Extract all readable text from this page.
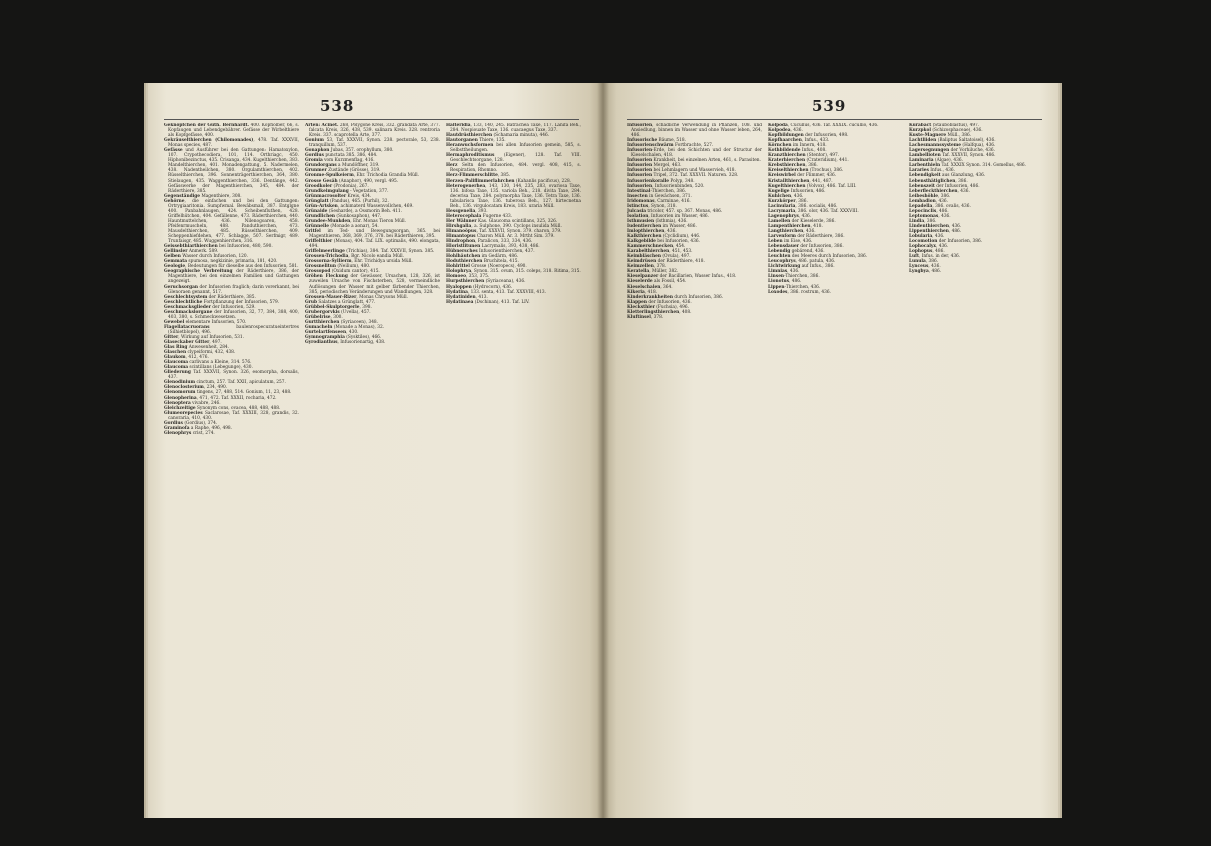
538

Geknöpfchen der Güth. Bernhardt. 400. Kopfiölber, 66, s. Kopfaugen und Lebendgebährer. Gefässe der Wirbelthiere als Kopfgefässe, 400.

Gekräuselthierchen (Chilomonades), 478. Taf. XXXVII, Monas species, 487.

Gefässe und Ausführer bei den Gattungen: Hamatoxylon, 107. Crypothecodiera, 101, 114. Orthriagc, 450. Hiphonibezinctus, 435. Crisanga, 434. Kugelthierchen, 383. Mandelthierchen, 401. Monadengattung, 5. Nadermelen, 438. Nadentheilchen, 380. Orgulamthierchen, 402. Rüsselthierchen, 396. Sonnenträgerthierchen, 364, 380. Stielaugen, 435. Waggenthierchen, 336. Dentänge, 442. Gefässwerke der Magenthierchen, 345, 484. der Räderthiere, 385.

Gegenständige Magenthiere, 308.

Gehörne, die einfachen und bei den Gattungen: Ortrygiaaritonia. Sumpfwmal. Bewäbsmall, 387. Entglgne 400. Panbahnlaugen, 424. Scheibenfluthen, 428. Griffelhütchen, 404. Gefällenne, 473. Räderthierchen, 440. Hauntmuttelchen, 436. Nilenogoaren, 458. Pfeifenrmuscheln, 488. Panduthierchen, 473. Mausdelthierchen, 485. Rüsselthierchen, 409. Scheppenhiefdehen, 477. Schlagge, 507. Serfmigr, 489. Trunfaisgr, 485. Wuggenhierchen, 316.

Geissebthiarthierchen bei Infusorien, 480, 590.

Gellinsler Anmerk. 589.

Gelben Wasser durch Infusorien, 120.

Gemmata spumosa, negkizinie, primaria, 181, 420.

Geologie, Bedeutungen für dieselbe aus den Infusorien, 581.

Geographische Verbreitung der Räderthiere, 386, der Magenthiere, bei den einzelnen Familien und Gattungen angezeigt.

Geruchsorgan der Infusorien fraglich; darin vorerkannt, bei Glenoraen genannt, 517.

Geschlechtsystem der Räderthiere, 385.

Geschlechtliche Fortpflanzung der Infusorien, 579.

Geschmacksglieder der Infusorien, 529.

Geschmackslorgane der Infusorien, 32, 77, 384, 388, 400, 403, 380, s. Schmeckwesetzen.

Gewebel elementare Infusorien, 570.

Flagellatacruorans baulenrospecuratueintertres (Silhietblopel), 496.

Gitter, Wirkung auf Infusorien, 531.

Glaseckaber Gitter, 497.

Glas Ring Anwesenheit, 284.

Glaschen clypeiformi, 432, 438.

Glaukom, 412, 476.

Glaucoma carlivans a Kleine, 314. 576.

Glaucoma scintillans (Lebegunge), 430.

Gliederung Taf. XXXVII, Synon. 326, esomorpha, dorsalis, 437.

Glenodinium cinctum, 257. Taf. XXII, apiculatum, 257.

Glenoclosterium, 234, 490.

Glenomorum tingens, 27, 488, 514. Gonium, 11, 23, 488.

Glenopherina, 471, 472. Taf. XXXII, rocharia, 472.

Glenoptera vivabre, 246.

Gleichzeitige Synonym cons, ovacea, 488, 488, 488.

Glumeorepecies Saclarosae, Taf. XXXIII, 328, grandis, 32. canoraria, 410, 430.

Gordius (Gordius), 374.

Graminofa a Raphe, 496, 498.

Glenophrys crist, 274.

Arten: Acinet. 268, Polygone Kreis, 332. grandata Arte, 377. falcata Kreis, 326, 438, 539. salinara Kreis. 328. rentroria Kreis. 337. scaprotella Arte, 377.

Gonium 53, Taf. XXXVII, Synon. 238. pectorale, 53, 238. tranquillum, 537.

Gonapkon Jubas, 357. orophyllum, 380.

Gordius punctata 385. 386, 484.

Gromia vom Kurzmenflag, 416.

Grundorgans a Mundöffner, 319.

Grunmer Zustände (Grösse), 319.

Gronme-Spulkeierm, Ehr. Trichodia Grandia Müll.

Grosse Gesäh (Anaphor), 490, vergl. 495.

Groodkoler (Prodonia), 267.

Grundkeimgulang - Vegetation, 377.

Grünmacrosolter Kreis, 434.

Grünglatt (Pandus), 465. (Purhil), 32.

Grün-Artsken, achimaterd Wassenvollchen, 469.

Grünaide (Sesharde), a Ossmorin Beh. 411.

Grundlichen (Sunkosaphon), 447.

Grundee-Munkden, Ehr. Monas Tieron Müll.

Grünnelle (Monade a aonar), 54.

Gritfel im Ted- und Bewegungsorgan, 365. bei Magenthieren, 368, 369, 376, 378. bei Räderthieren, 395.

Griffelthier (Monas), 404. Taf. LIX. optimalis, 490. elongata, 494.

Griffelmeerlinge (Trichias), 384. Taf. XXXVII, Synon. 385.

Grossen-Trichodia, Bgr. Nicolo eandia Müll.

Grossorna-Syllierm, Ehr. Trichidya ursida Müll.

Grossnelitun (Neilium), 480.

Grossopod (Oxidum cantor), 415.

Gröhen Fleckung der Gewässer, Ursachen, 128, 326, ist zuweilen Ursache von Fischsterben, 528, vermeindliche Auflösungen der Wasser mit gelber färbender Thierchen, 385, periodischen Veränderungen und Wandlungen, 328.

Grossen-Mauer-Rizer, Monas Chrysons Müll.

Grub Salatzes a Grünglatt, 477.

Grübbel-Skulptorgerle, 398.

Grubergorvkis (Uvella), 457.

Grübelrise, 300.

Gurtthierchen (Syriaceen), 348.

Gumacheln (Monade a Monas), 32.

Gurtelartfenseen, 430.

Gymnogramphia (Sysktiles), 466.

Gyrodianthus, Infusorienartig, 438.

Halteridia, 133, 140, 245. Batrachea Taxe, 117. Lanifa Beh., 284. Nospiouate Taxe, 136. cuacaegus Taxe, 337.

Hautdrüsthierchen (Schamaria minuta), 446.

Hautorganen Thiere, 135.

Heranwuchsformen bei allen Infusorien gemein, 585, s. Selbsttheilungen.

Hermaphroditismus (Eigener), 128. Taf. VIII. Geschlechtsorgane, 128.

Herz Seltn den Infusorien, 484. vergl. 408, 415, s. Respiration, Rhomno.

Herz-Flimmerschlitte, 385.

Herzen-Paliflimmerlahrchen (Kahanlis pacificus), 228.

Heterogenerhea, 143, 130, 144, 235, 283, ovariosa Taxe, 136. bifosa Taxe, 135. variola Beh., 218. divita Taxe, 284. decerisa Taxe, 284. polymorpha Taxe, 136. Tetra Taxe, 136. tabularisca Taxe, 136. tuberosa Beh., 127. hirtecnetna Beh., 136. virgulocatam Kreis, 183. uraria Müll.

Hessgenelia, 393.

Heterocephala Fugerne 433.

Her Wälnner Kas. Glaucoma scintillans, 325, 326.

Hirshgalia, a. Sulphone, 390. Cyclops insulida Müll.

Himanoöpus, Taf. XXXVII, Synon. 379. charon, 379.

Himantopus Charon Müll. Ar. 3. Mrtht Sim. 379.

Hindrophon, Paralicon, 333, 334, 436.

Hloristlitunen Lacrymalis, 393, 438, 486.

Hübnersches Infusorienthierchen, 437.

Hohlhäutchen im Gedärm, 486.

Hoduthierchen Bruchitela, 415.

Hohlrittel Grosse (Noeropecs), 490.

Holophrya, Synon. 315. ovum, 315. coleps, 318. Ritima, 315.

Homoeo, 353, 375.

Hurpsthierchen (Syriaceana), 436.

Hyaloppen (Hydrocorn), 436.

Hydatina, 133. senta, 413. Taf. XXXVIII, 413.

Hydatiniden, 413.

Hydatinaea (Dschinan), 413. Taf. LIV.

539

Infusorien, schädliche Verwendung in Pflanzen, 108. und Ansiedlung, binnen im Wasser und ohne Wasser leben, 264, 486.

Infusorische Bäume, 518.

Infusorienschwärm Fortbrachte, 527.

Infusorien-Erde, bei den Schichten und der Structur der Kieselschalen, 418.

Infusorien Krankheit, bei einzelnen Arten, 461, s. Parasiten.

Infusorien Mergel, 463.

Infusorien bei Lehmlagern und Wasservieh, 418.

Infusorien Tripel, 372. Taf. XXXVII. Naturen. 328.

Infusorienkoralle Polyp, 348.

Infusorien, Infusorienbinden, 520.

Intestinal-Thierchen, 386.

Insecten in Gewächsen, 371.

Iridomonas, Carminae, 416.

Istinctus, Synon, 318.

Julcasia tricolor, 457. sp. 367. Monas, 486.

Isolation, Infusorien im Wasser, 486.

Isthmusien (Isthmia), 436.

Iudentierchen im Wasser, 486.

Imlopthierchen, 436.

Kalkthierchen (Cyclidium), 446.

Kalkgebilde bei Infusorien, 436.

Kammerschnecken, 454.

Karabelthierchen, 451, 453.

Keimbläschen (Ovula), 497.

Keimdrüsen der Räderthiere, 418.

Keimzellen, 378.

Keratella, Müller, 382.

Kieselpanzer der Bacillarien, Wasser Infus., 418.

Kieselerde als Fossil, 454.

Kieselschalen, 364.

Kikeria, 418.

Kinderkrankheiten durch Infusorien, 386.

Klappen der Infusorien, 436.

Klecksthier (Fuchsia), 496.

Kletterlingsthierchen, 408.

Kluftinsel, 378.

Kolpoda, Cucullus, 436. Taf. XXXIX. cucullio, 436.

Kolpodea, 436.

Kopfbildungen der Infusorien, 498.

Kopfhaarchen, Infus., 433.

Körnchen im Innern, 418.

Kothbildende Infus., 408.

Kranzthierchen (Stentor), 497.

Kraterhierchen (Crateridium), 441.

Krebsthierchen, 386.

Kreiselthierchen (Trochus), 386.

Kreiswirbel der Flimmer, 436.

Kristallthierchen, 441, 487.

Kugelthierchen (Volvox), 486. Taf. LIII.

Kugelige Infusorien, 486.

Kuhlchen, 436.

Kurzkörper, 386.

Lacinularia, 386. socialis, 486.

Lacrymaria, 386. olor, 436. Taf. XXXVIII.

Lagenophrys, 436.

Lamellen der Kieselerde, 386.

Lampenthierchen, 418.

Langthierchen, 436.

Larvenform der Räderthiere, 386.

Leben im Eise, 436.

Lebensdauer der Infusorien, 386.

Lebendig gebärend, 436.

Leuchten des Meeres durch Infusorien, 386.

Leucophrys, 486. patula, 436.

Lichtwirkung auf Infus., 386.

Limnias, 436.

Linsen-Thierchen, 386.

Lionotus, 486.

Lippen-Thierchen, 436.

Loxodes, 386. rostrum, 436.

Kurabact (Stauboblastus), 497.

Kurzpkol (Schizosphaceae), 436.

Kuste-Magnere Müll., 386.

Lachtliiden (Baliptus Saltatoisel), 436.

Lachesmannssysteme (Halfqua), 436.

Lagersegnungen der Vorhiluche, 436.

Lambellioten Taf. XXXVII, Synon. 486.

Laminaria (Algae), 436.

Larbenthieln Taf. XXXIX Synon. 314. Gomellus, 486.

Lararies Infus., 436.

Lebendigkeit aus Glanzlung, 436.

Lebensthätiglichen, 386.

Lebenszeit der Infusorien, 486.

Leberfleckthierchen, 436.

Leibeshöhle, 386.

Lembadion, 436.

Lepadella, 386. ovalis, 436.

Lepocinclis, 486.

Leptomonas, 436.

Lindia, 386.

Lindenthierchen, 436.

Lippenthierchen, 486.

Lobularia, 436.

Locomotion der Infusorien, 386.

Lophocalyx, 436.

Lophopus, 486.

Luft, Infus. in der, 436.

Lunula, 386.

Lynceus, 436.

Lyngbya, 486.
